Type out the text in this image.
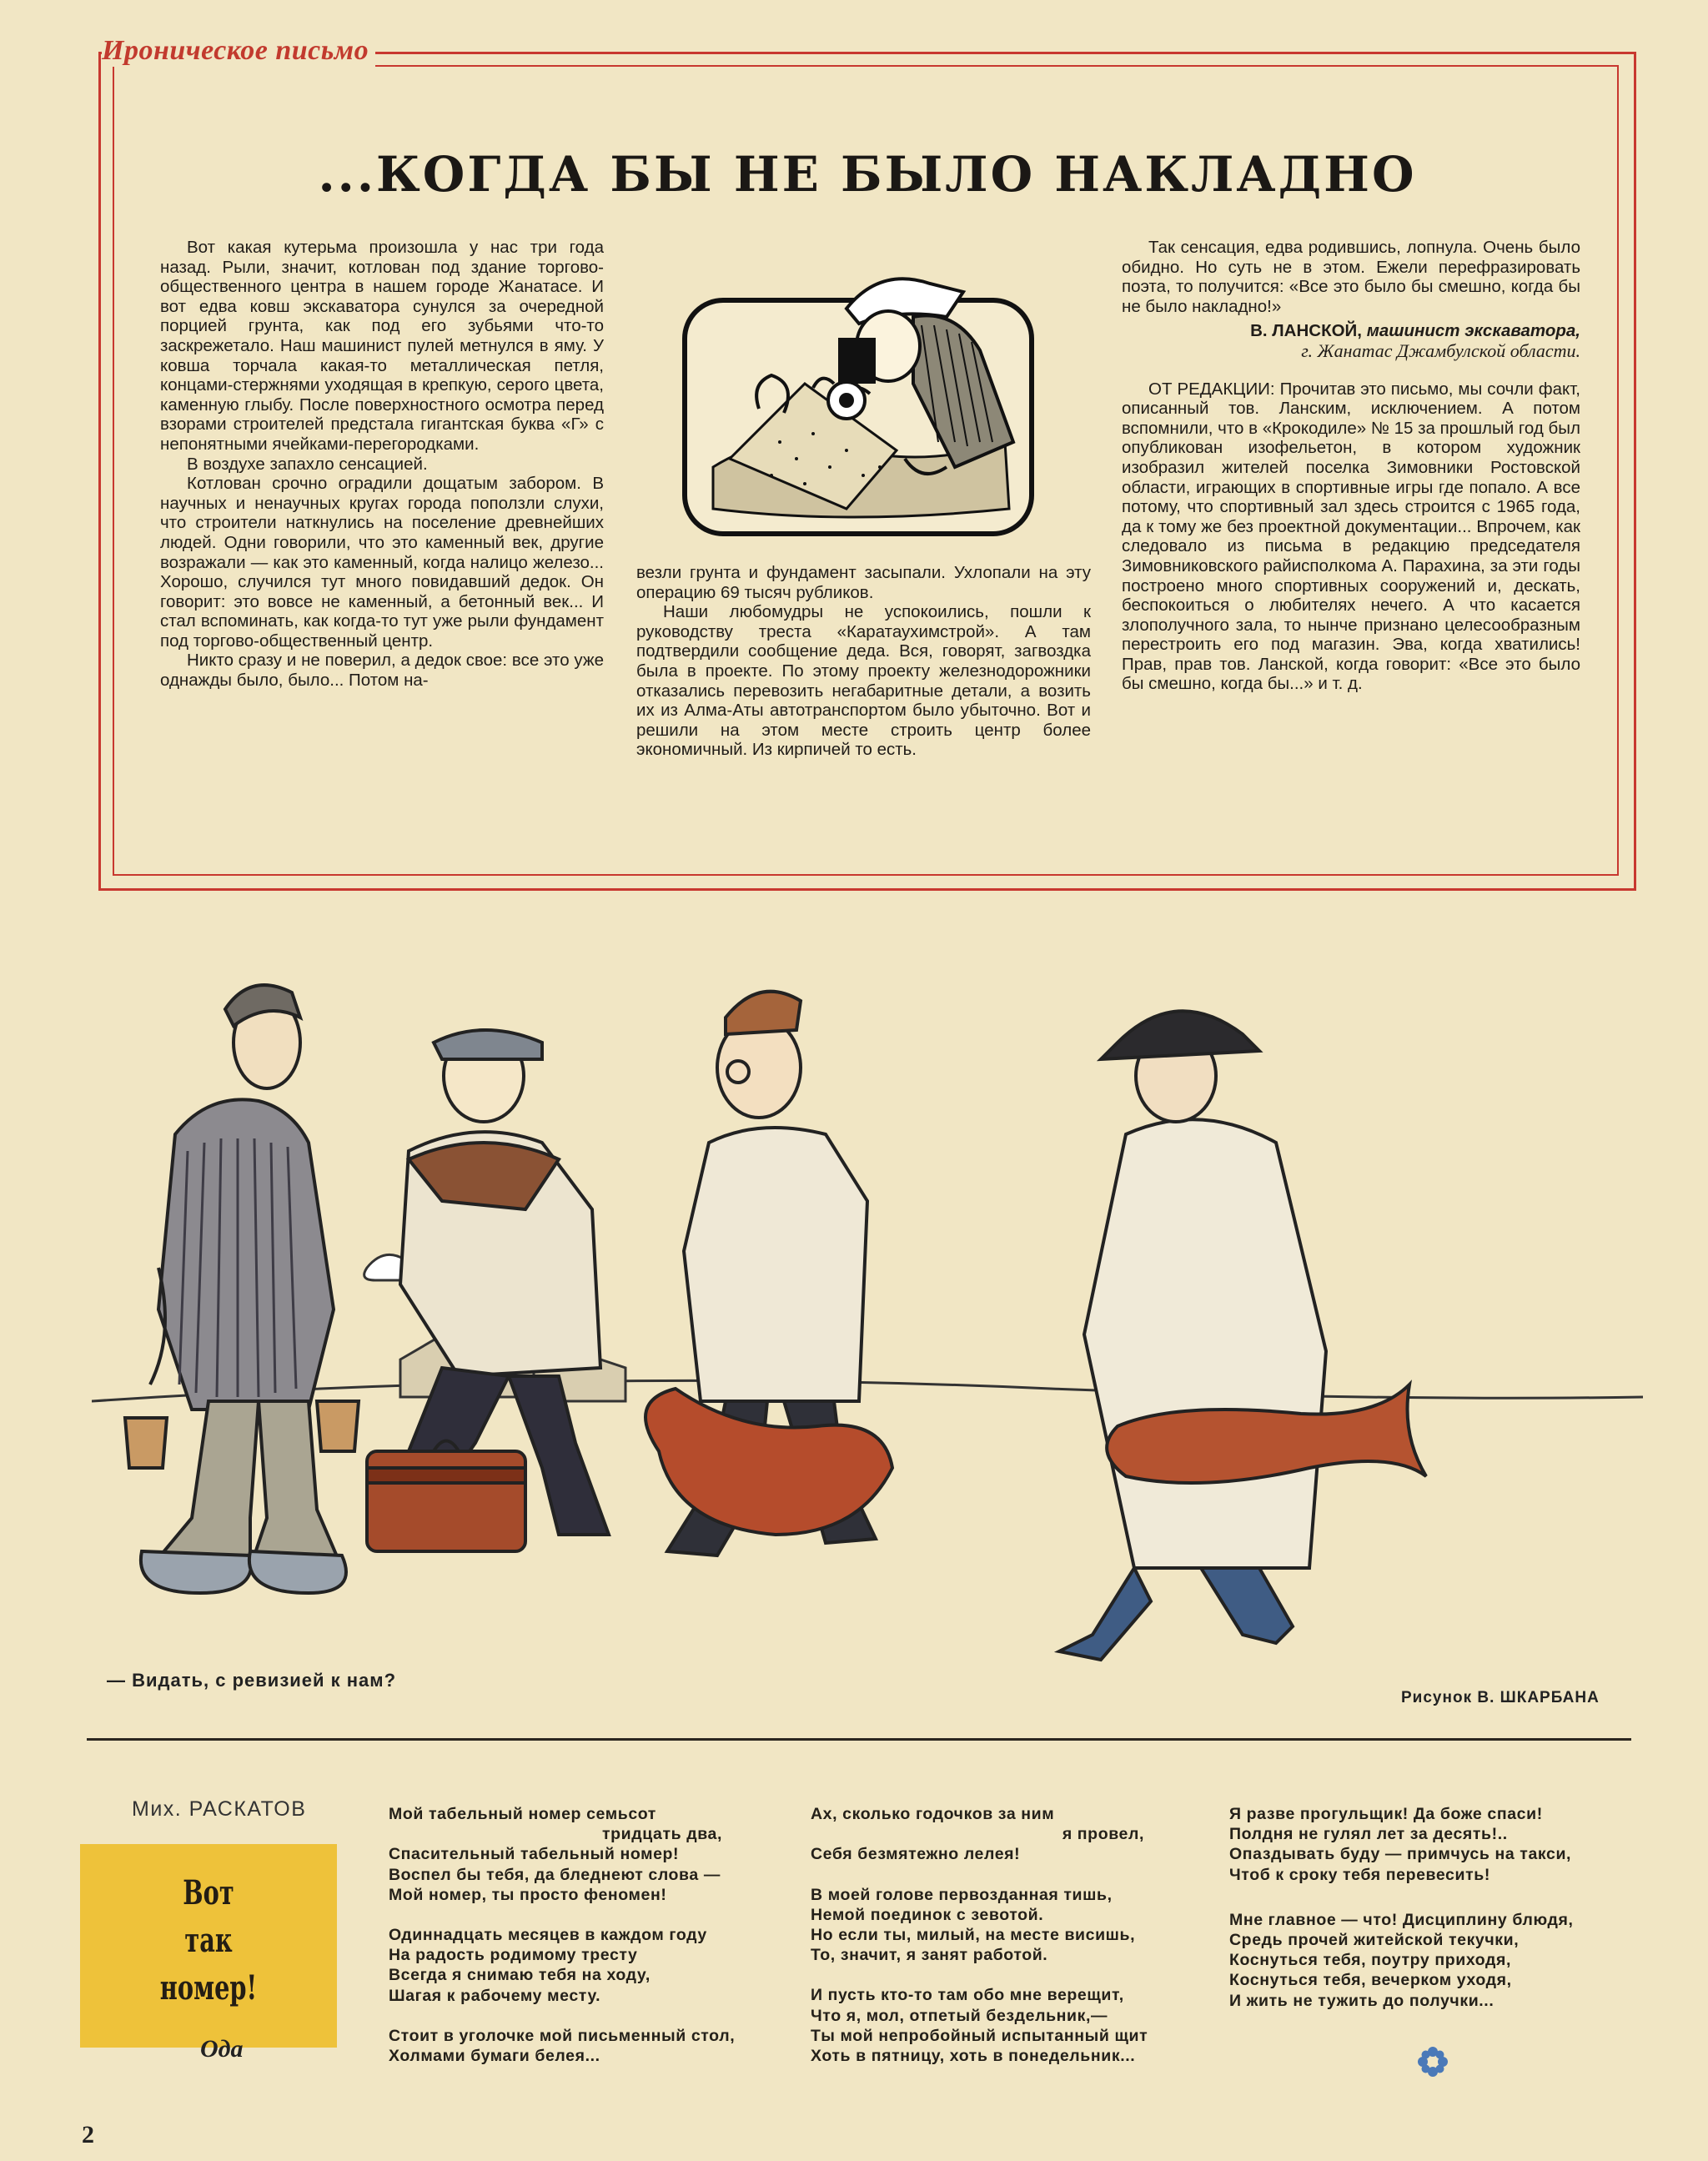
Ироническое письмо
...КОГДА БЫ НЕ БЫЛО НАКЛАДНО

Вот какая кутерьма произошла у нас три года назад. Рыли, значит, котлован под здание торгово-общественного центра в нашем городе Жанатасе. И вот едва ковш экскаватора сунулся за очередной порцией грунта, как под его зубьями что-то заскрежетало. Наш машинист пулей метнулся в яму. У ковша торчала какая-то металлическая петля, концами-стержнями уходящая в крепкую, серого цвета, каменную глыбу. После поверхностного осмотра перед взорами строителей предстала гигантская буква «Г» с непонятными ячейками-перегородками.

В воздухе запахло сенсацией.

Котлован срочно оградили дощатым забором. В научных и ненаучных кругах города поползли слухи, что строители наткнулись на поселение древнейших людей. Одни говорили, что это каменный век, другие возражали — как это каменный, когда налицо железо... Хорошо, случился тут много повидавший дедок. Он говорит: это вовсе не каменный, а бетонный век... И стал вспоминать, как когда-то тут уже рыли фундамент под торгово-общественный центр.

Никто сразу и не поверил, а дедок свое: все это уже однажды было, было... Потом на-

везли грунта и фундамент засыпали. Ухлопали на эту операцию 69 тысяч рубликов.

Наши любомудры не успокоились, пошли к руководству треста «Каратаухимстрой». А там подтвердили сообщение деда. Вся, говорят, загвоздка была в проекте. По этому проекту железнодорожники отказались перевозить негабаритные детали, а возить их из Алма-Аты автотранспортом было убыточно. Вот и решили на этом месте строить центр более экономичный. Из кирпичей то есть.

Так сенсация, едва родившись, лопнула. Очень было обидно. Но суть не в этом. Ежели перефразировать поэта, то получится: «Все это было бы смешно, когда бы не было накладно!»

В. ЛАНСКОЙ, машинист экскаватора,
г. Жанатас Джамбулской области.

ОТ РЕДАКЦИИ: Прочитав это письмо, мы сочли факт, описанный тов. Ланским, исключением. А потом вспомнили, что в «Крокодиле» № 15 за прошлый год был опубликован изофельетон, в котором художник изобразил жителей поселка Зимовники Ростовской области, играющих в спортивные игры где попало. А все потому, что спортивный зал здесь строится с 1965 года, да к тому же без проектной документации... Впрочем, как следовало из письма в редакцию председателя Зимовниковского райисполкома А. Парахина, за эти годы построено много спортивных сооружений и, дескать, беспокоиться о любителях нечего. А что касается злополучного зала, то нынче признано целесообразным перестроить его под магазин. Эва, когда хватились! Прав, прав тов. Ланской, когда говорит: «Все это было бы смешно, когда бы...» и т. д.

— Видать, с ревизией к нам?
Рисунок В. ШКАРБАНА
Мих. РАСКАТОВ
Вот
так
номер!
Ода
Мой табельный номер семьсот
тридцать два,
Спасительный табельный номер!
Воспел бы тебя, да бледнеют слова —
Мой номер, ты просто феномен!
Одиннадцать месяцев в каждом году
На радость родимому тресту
Всегда я снимаю тебя на ходу,
Шагая к рабочему месту.
Стоит в уголочке мой письменный стол,
Холмами бумаги белея...
Ах, сколько годочков за ним
я провел,
Себя безмятежно лелея!
В моей голове первозданная тишь,
Немой поединок с зевотой.
Но если ты, милый, на месте висишь,
То, значит, я занят работой.
И пусть кто-то там обо мне верещит,
Что я, мол, отпетый бездельник,—
Ты мой непробойный испытанный щит
Хоть в пятницу, хоть в понедельник...
Я разве прогульщик! Да боже спаси!
Полдня не гулял лет за десять!..
Опаздывать буду — примчусь на такси,
Чтоб к сроку тебя перевесить!
Мне главное — что! Дисциплину блюдя,
Средь прочей житейской текучки,
Коснуться тебя, поутру приходя,
Коснуться тебя, вечерком уходя,
И жить не тужить до получки...
2
